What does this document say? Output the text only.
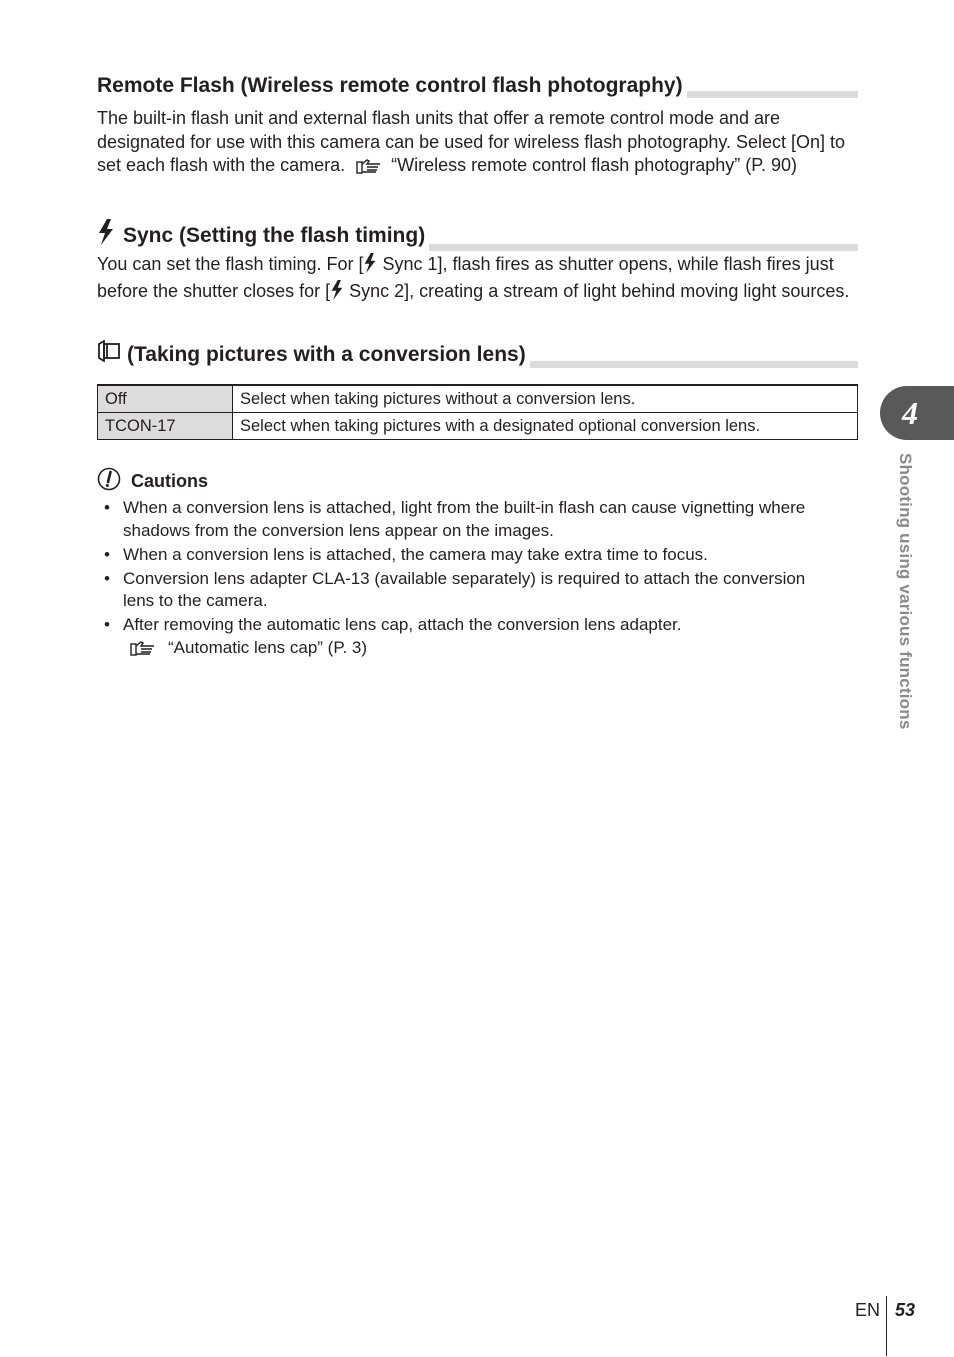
Remote Flash (Wireless remote control flash photography)

The built-in flash unit and external flash units that offer a remote control mode and are designated for use with this camera can be used for wireless flash photography. Select [On] to set each flash with the camera.	“Wireless remote control flash photography” (P. 90)

Sync (Setting the flash timing)

You can set the flash timing. For [ Sync 1], flash fires as shutter opens, while flash fires just before the shutter closes for [ Sync 2], creating a stream of light behind moving light sources.

(Taking pictures with a conversion lens)
Off	Select when taking pictures without a conversion lens.
TCON-17	Select when taking pictures with a designated optional conversion lens.
Cautions
• When a conversion lens is attached, light from the built-in flash can cause vignetting where shadows from the conversion lens appear on the images.
• When a conversion lens is attached, the camera may take extra time to focus.
• Conversion lens adapter CLA-13 (available separately) is required to attach the conversion lens to the camera.
• After removing the automatic lens cap, attach the conversion lens adapter.
“Automatic lens cap” (P. 3)
4
Shooting using various functions
EN 53
